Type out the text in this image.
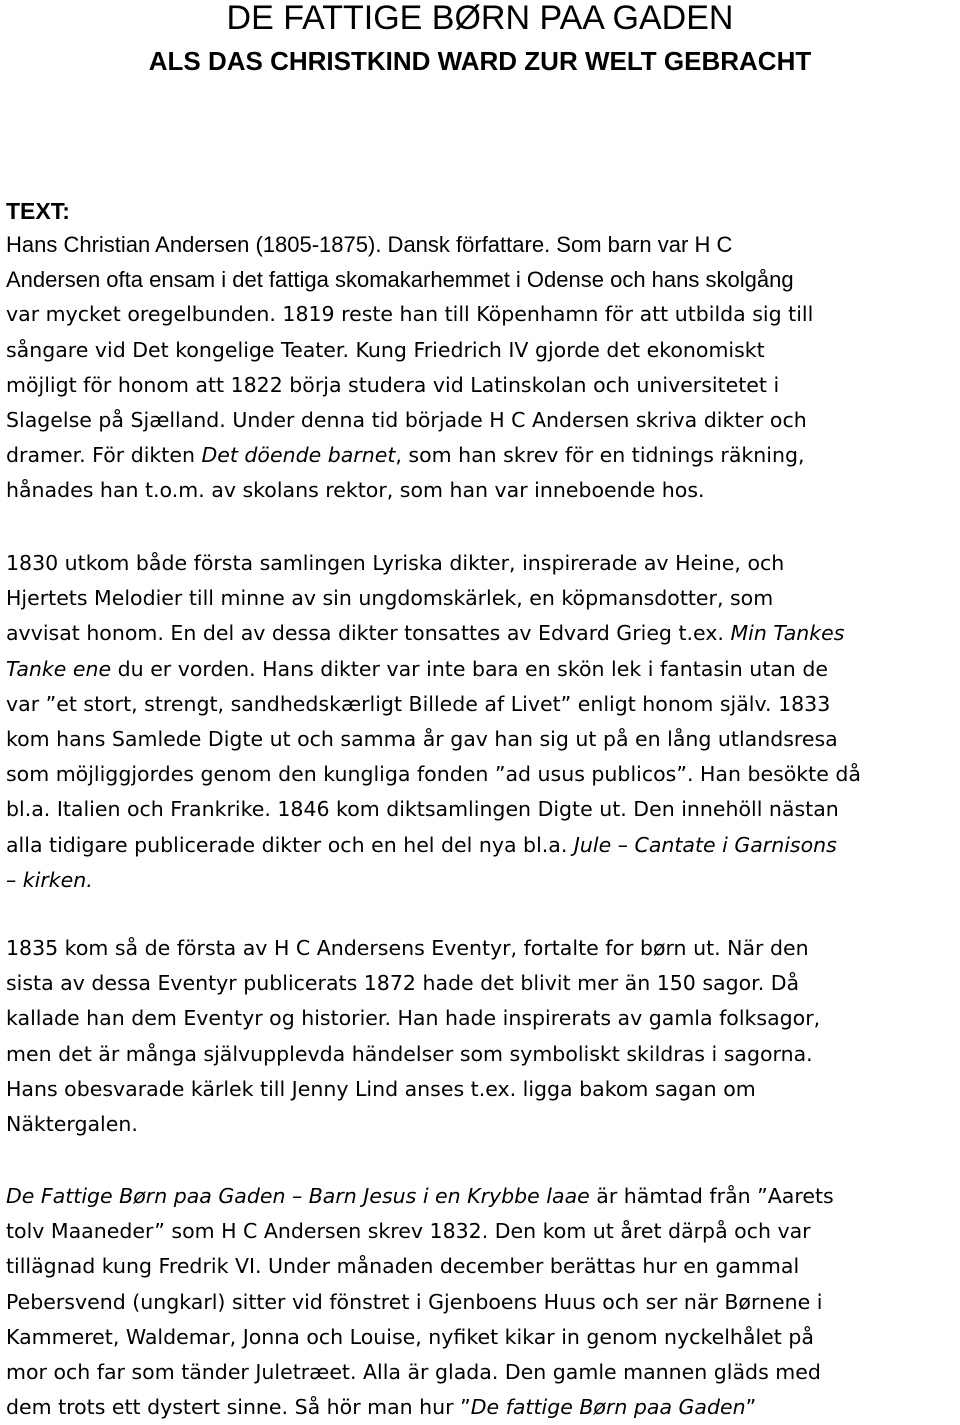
DE FATTIGE BØRN PAA GADEN
ALS DAS CHRISTKIND WARD ZUR WELT GEBRACHT
TEXT:
Hans Christian Andersen (1805-1875). Dansk författare. Som barn var H C
Andersen ofta ensam i det fattiga skomakarhemmet i Odense och hans skolgång
var mycket oregelbunden. 1819 reste han till Köpenhamn för att utbilda sig till
sångare vid Det kongelige Teater. Kung Friedrich IV gjorde det ekonomiskt
möjligt för honom att 1822 börja studera vid Latinskolan och universitetet i
Slagelse på Sjælland. Under denna tid började H C Andersen skriva dikter och
dramer. För dikten Det döende barnet, som han skrev för en tidnings räkning,
hånades han t.o.m. av skolans rektor, som han var inneboende hos.
1830 utkom både första samlingen Lyriska dikter, inspirerade av Heine, och
Hjertets Melodier till minne av sin ungdomskärlek, en köpmansdotter, som
avvisat honom. En del av dessa dikter tonsattes av Edvard Grieg t.ex. Min Tankes
Tanke ene du er vorden. Hans dikter var inte bara en skön lek i fantasin utan de
var ”et stort, strengt, sandhedskærligt Billede af Livet” enligt honom själv. 1833
kom hans Samlede Digte ut och samma år gav han sig ut på en lång utlandsresa
som möjliggjordes genom den kungliga fonden ”ad usus publicos”. Han besökte då
bl.a. Italien och Frankrike. 1846 kom diktsamlingen Digte ut. Den innehöll nästan
alla tidigare publicerade dikter och en hel del nya bl.a. Jule – Cantate i Garnisons
– kirken.
1835 kom så de första av H C Andersens Eventyr, fortalte for børn ut. När den
sista av dessa Eventyr publicerats 1872 hade det blivit mer än 150 sagor. Då
kallade han dem Eventyr og historier. Han hade inspirerats av gamla folksagor,
men det är många självupplevda händelser som symboliskt skildras i sagorna.
Hans obesvarade kärlek till Jenny Lind anses t.ex. ligga bakom sagan om
Näktergalen.
De Fattige Børn paa Gaden – Barn Jesus i en Krybbe laae är hämtad från ”Aarets
tolv Maaneder” som H C Andersen skrev 1832. Den kom ut året därpå och var
tillägnad kung Fredrik VI. Under månaden december berättas hur en gammal
Pebersvend (ungkarl) sitter vid fönstret i Gjenboens Huus och ser när Børnene i
Kammeret, Waldemar, Jonna och Louise, nyfiket kikar in genom nyckelhålet på
mor och far som tänder Juletræet. Alla är glada. Den gamle mannen gläds med
dem trots ett dystert sinne. Så hör man hur ”De fattige Børn paa Gaden”
